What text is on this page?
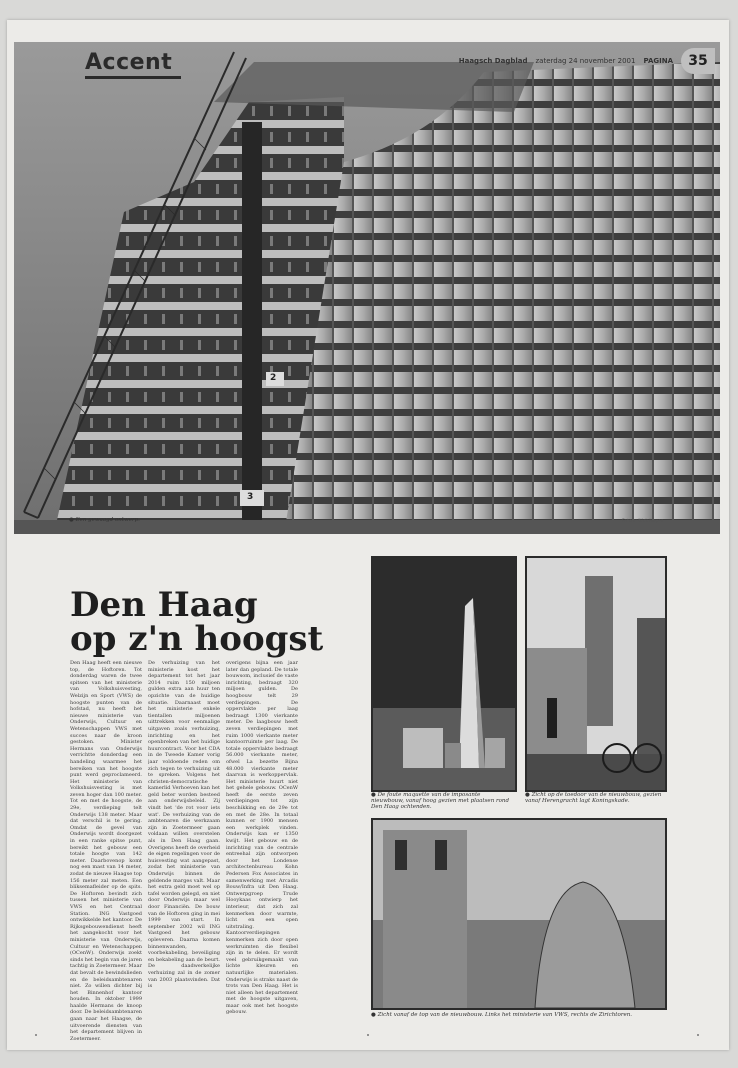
2
3
Accent	Haagsch Dagblad zaterdag 24 november 2001 PAGINA	35
● Een gewaagd ontwerp.	Foto's: Nick Hayes
Den Haag
op z'n hoogst
Den Haag heeft een nieuwe top, de Hoftoren. Tot donderdag waren de twee spitsen van het ministerie van Volkshuisvesting, Welzijn en Sport (VWS) de hoogste punten van de hofstad, nu heeft het nieuwe ministerie van Onderwijs, Cultuur en Wetenschappen VWS met succes naar de kroon gestoken. Minister Hermans van Onderwijs verrichtte donderdag een handeling waarmee het bereiken van het hoogste punt werd geproclameerd. Het ministerie van Volkshuisvesting is met zeven hoger dan 100 meter. Tot en met de hoogste, de 29e, verdieping telt Onderwijs 138 meter. Maar dat verschil is te gering. Omdat de gevel van Onderwijs wordt doorgezet in een ranke spitse punt, bereikt het gebouw een totale hoogte van 142 meter. Daarbovenop komt nog een mast van 14 meter, zodat de nieuwe Haagse top 156 meter zal meten. Een bliksemafleider op de spits. De Hoftoren bevindt zich tussen het ministerie van VWS en het Centraal Station. ING Vastgoed ontwikkelde het kantoor. De Rijksgebouwendienst heeft het aangekocht voor het ministerie van Onderwijs, Cultuur en Wetenschappen (OCenW). Onderwijs zoekt sinds het begin van de jaren tachtig in Zoetermeer. Maar dat bevalt de bewindslieden en de beleidsambtenaren niet. Zo willen dichter bij het Binnenhof kantoor houden. In oktober 1999 haalde Hermans de knoop door. De beleidsambtenaren gaan naar het Haagse, de uitvoerende diensten van het departement blijven in Zoetermeer.
De verhuizing van het ministerie kost het departement tot het jaar 2014 ruim 150 miljoen gulden extra aan huur ten opzichte van de huidige situatie. Daarnaast moet het ministerie enkele tientallen miljoenen uittrekken voor eenmalige uitgaven zoals verhuizing, inrichting en het openbreken van het huidige huurcontract. Voor het CDA in de Tweede Kamer vorig jaar voldoende reden om zich tegen te verhuizing uit te spreken. Volgens het christen-democratische kamerlid Verhoeven kan het geld beter worden besteed aan onderwijsbeleid. Zij vindt het 'de rot voor iets wat'. De verhuizing van de ambtenaren die werkzaam zijn in Zoetermeer gaan voldaan willen overstelen als in Den Haag gaan. Overigens heeft de overheid de eigen regelingen voor de huisvesting wat aangepast, zodat het ministerie van Onderwijs binnen de geldende marges valt. Maar het extra geld moet wel op tafel worden gelegd, en niet door Onderwijs maar wel door Financiën. De bouw van de Hoftoren ging in mei 1999 van start. In september 2002 wil ING Vastgoed het gebouw opleveren. Daarna komen binnenwanden, voorbekabeling, beveiliging en bekabeling aan de beurt. De daadwerkelijke verhuizing zal in de zomer van 2003 plaatsvinden. Dat is
overigens bijna een jaar later dan gepland. De totale bouwsom, inclusief de vaste inrichting, bedraagt 320 miljoen gulden. De hoogbouw telt 29 verdiepingen. De oppervlakte per laag bedraagt 1300 vierkante meter. De laagbouw heeft zeven verdiepingen met ruim 1000 vierkante meter kantoorruimte per laag. De totale oppervlakte bedraagt 56.000 vierkante meter, ofwel La bezette Bijna 48.000 vierkante meter daarvan is werkoppervlak. Het ministerie huurt niet het gehele gebouw. OCenW heeft de eerste zeven verdiepingen tot zijn beschikking en de 29e tot en met de 28e. In totaal kunnen er 1900 mensen een werkplek vinden. Onderwijs kan er 1350 kwijt. Het gebouw en de inrichting van de centrale entreehal zijn ontworpen door het Londense architectenbureau Kohn Pedersen Fox Associates in samenwerking met Arcadis Bouw/Infra uit Den Haag. Ontwerpgroep Trude Hooykaas ontwierp het interieur, dat zich zal kenmerken door warmte, licht en een open uitstraling. Kantoorverdiepingen kenmerken zich door open werkruimten die flexibel zijn in te delen. Er wordt veel gebruikgemaakt van lichte kleuren en natuurlijke materialen. Onderwijs is straks naast de trots van Den Haag. Het is niet alleen het departement met de hoogste uitgaven, maar ook met het hoogste gebouw.
● De foute maquette van de imposante nieuwbouw, vanaf hoog gezien met plaatsen rond Den Haag ochtenden.
● Zicht op de toedoor van de nieuwbouw, gezien vanaf Herengracht lagt Koningskade.
● Zicht vanaf de top van de nieuwbouw. Links het ministerie van VWS, rechts de Zirichtoren.
